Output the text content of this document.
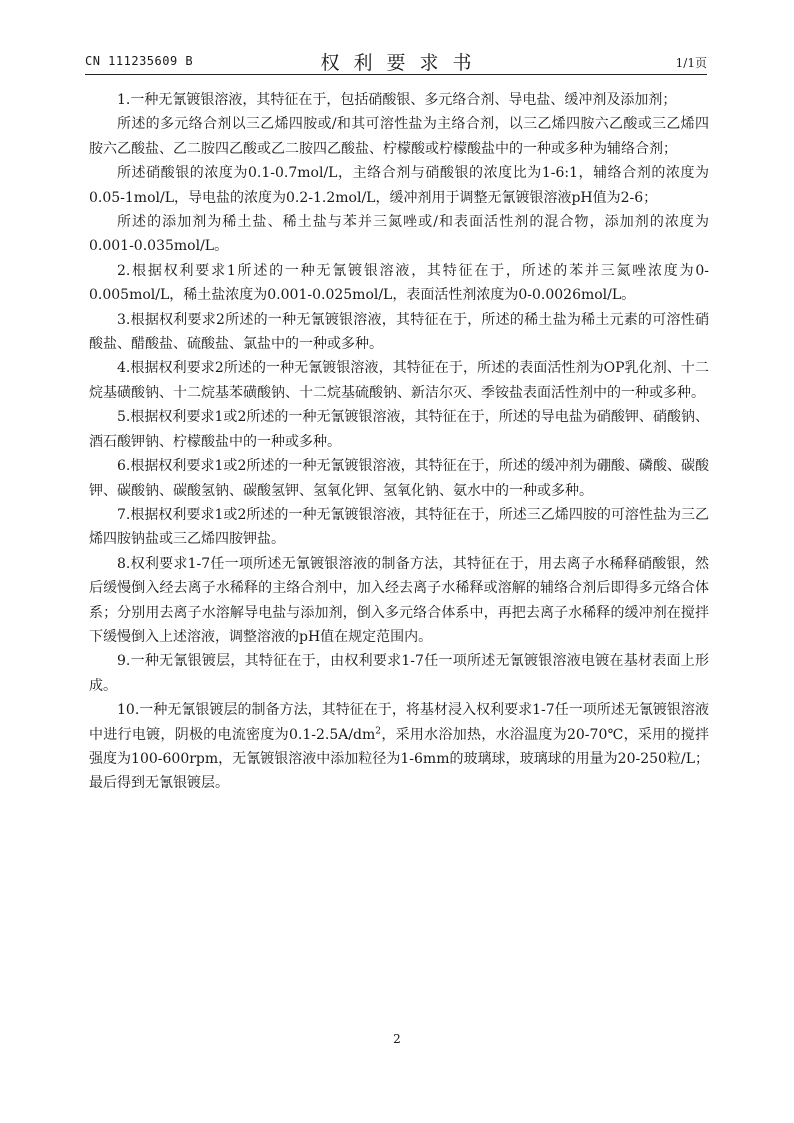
CN 111235609 B	权利要求书	1/1页

1.一种无氰镀银溶液，其特征在于，包括硝酸银、多元络合剂、导电盐、缓冲剂及添加剂；

所述的多元络合剂以三乙烯四胺或/和其可溶性盐为主络合剂，以三乙烯四胺六乙酸或三乙烯四胺六乙酸盐、乙二胺四乙酸或乙二胺四乙酸盐、柠檬酸或柠檬酸盐中的一种或多种为辅络合剂；

所述硝酸银的浓度为0.1-0.7mol/L，主络合剂与硝酸银的浓度比为1-6:1，辅络合剂的浓度为0.05-1mol/L，导电盐的浓度为0.2-1.2mol/L，缓冲剂用于调整无氰镀银溶液pH值为2-6；

所述的添加剂为稀土盐、稀土盐与苯并三氮唑或/和表面活性剂的混合物，添加剂的浓度为0.001-0.035mol/L。

2.根据权利要求1所述的一种无氰镀银溶液，其特征在于，所述的苯并三氮唑浓度为0-0.005mol/L，稀土盐浓度为0.001-0.025mol/L，表面活性剂浓度为0-0.0026mol/L。

3.根据权利要求2所述的一种无氰镀银溶液，其特征在于，所述的稀土盐为稀土元素的可溶性硝酸盐、醋酸盐、硫酸盐、氯盐中的一种或多种。

4.根据权利要求2所述的一种无氰镀银溶液，其特征在于，所述的表面活性剂为OP乳化剂、十二烷基磺酸钠、十二烷基苯磺酸钠、十二烷基硫酸钠、新洁尔灭、季铵盐表面活性剂中的一种或多种。

5.根据权利要求1或2所述的一种无氰镀银溶液，其特征在于，所述的导电盐为硝酸钾、硝酸钠、酒石酸钾钠、柠檬酸盐中的一种或多种。

6.根据权利要求1或2所述的一种无氰镀银溶液，其特征在于，所述的缓冲剂为硼酸、磷酸、碳酸钾、碳酸钠、碳酸氢钠、碳酸氢钾、氢氧化钾、氢氧化钠、氨水中的一种或多种。

7.根据权利要求1或2所述的一种无氰镀银溶液，其特征在于，所述三乙烯四胺的可溶性盐为三乙烯四胺钠盐或三乙烯四胺钾盐。

8.权利要求1-7任一项所述无氰镀银溶液的制备方法，其特征在于，用去离子水稀释硝酸银，然后缓慢倒入经去离子水稀释的主络合剂中，加入经去离子水稀释或溶解的辅络合剂后即得多元络合体系；分别用去离子水溶解导电盐与添加剂，倒入多元络合体系中，再把去离子水稀释的缓冲剂在搅拌下缓慢倒入上述溶液，调整溶液的pH值在规定范围内。

9.一种无氰银镀层，其特征在于，由权利要求1-7任一项所述无氰镀银溶液电镀在基材表面上形成。

10.一种无氰银镀层的制备方法，其特征在于，将基材浸入权利要求1-7任一项所述无氰镀银溶液中进行电镀，阴极的电流密度为$0.1-2.5A/dm^2$，采用水浴加热，水浴温度为20-70℃，采用的搅拌强度为100-600rpm，无氰镀银溶液中添加粒径为1-6mm的玻璃球，玻璃球的用量为20-250粒/L；最后得到无氰银镀层。

2
